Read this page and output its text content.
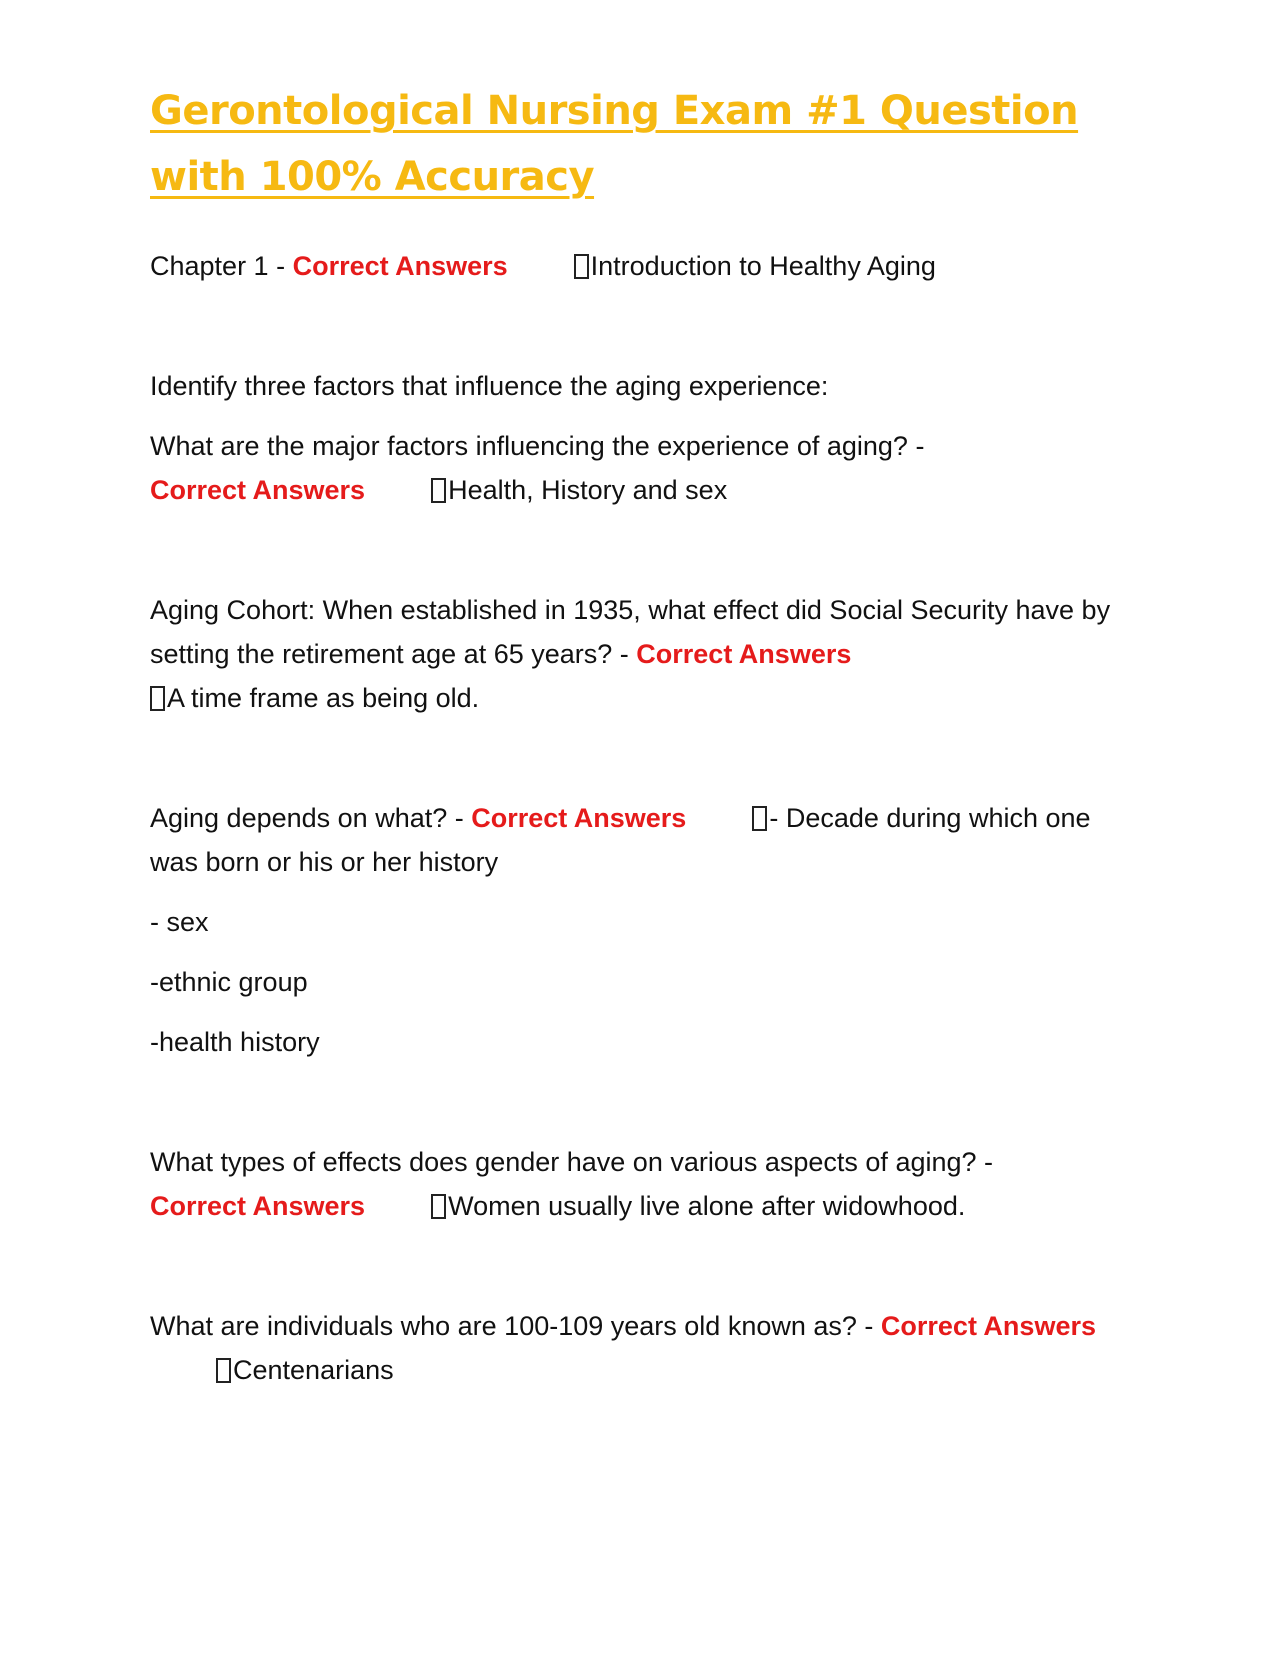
Gerontological Nursing Exam #1 Question with 100% Accuracy

Chapter 1 - Correct Answers	Introduction to Healthy Aging

Identify three factors that influence the aging experience:

What are the major factors influencing the experience of aging? -
Correct Answers	Health, History and sex

Aging Cohort: When established in 1935, what effect did Social Security have by setting the retirement age at 65 years? - Correct Answers
A time frame as being old.

Aging depends on what? - Correct Answers	- Decade during which one was born or his or her history

- sex

-ethnic group

-health history

What types of effects does gender have on various aspects of aging? -
Correct Answers	Women usually live alone after widowhood.

What are individuals who are 100-109 years old known as? - Correct AnswersCentenarians
